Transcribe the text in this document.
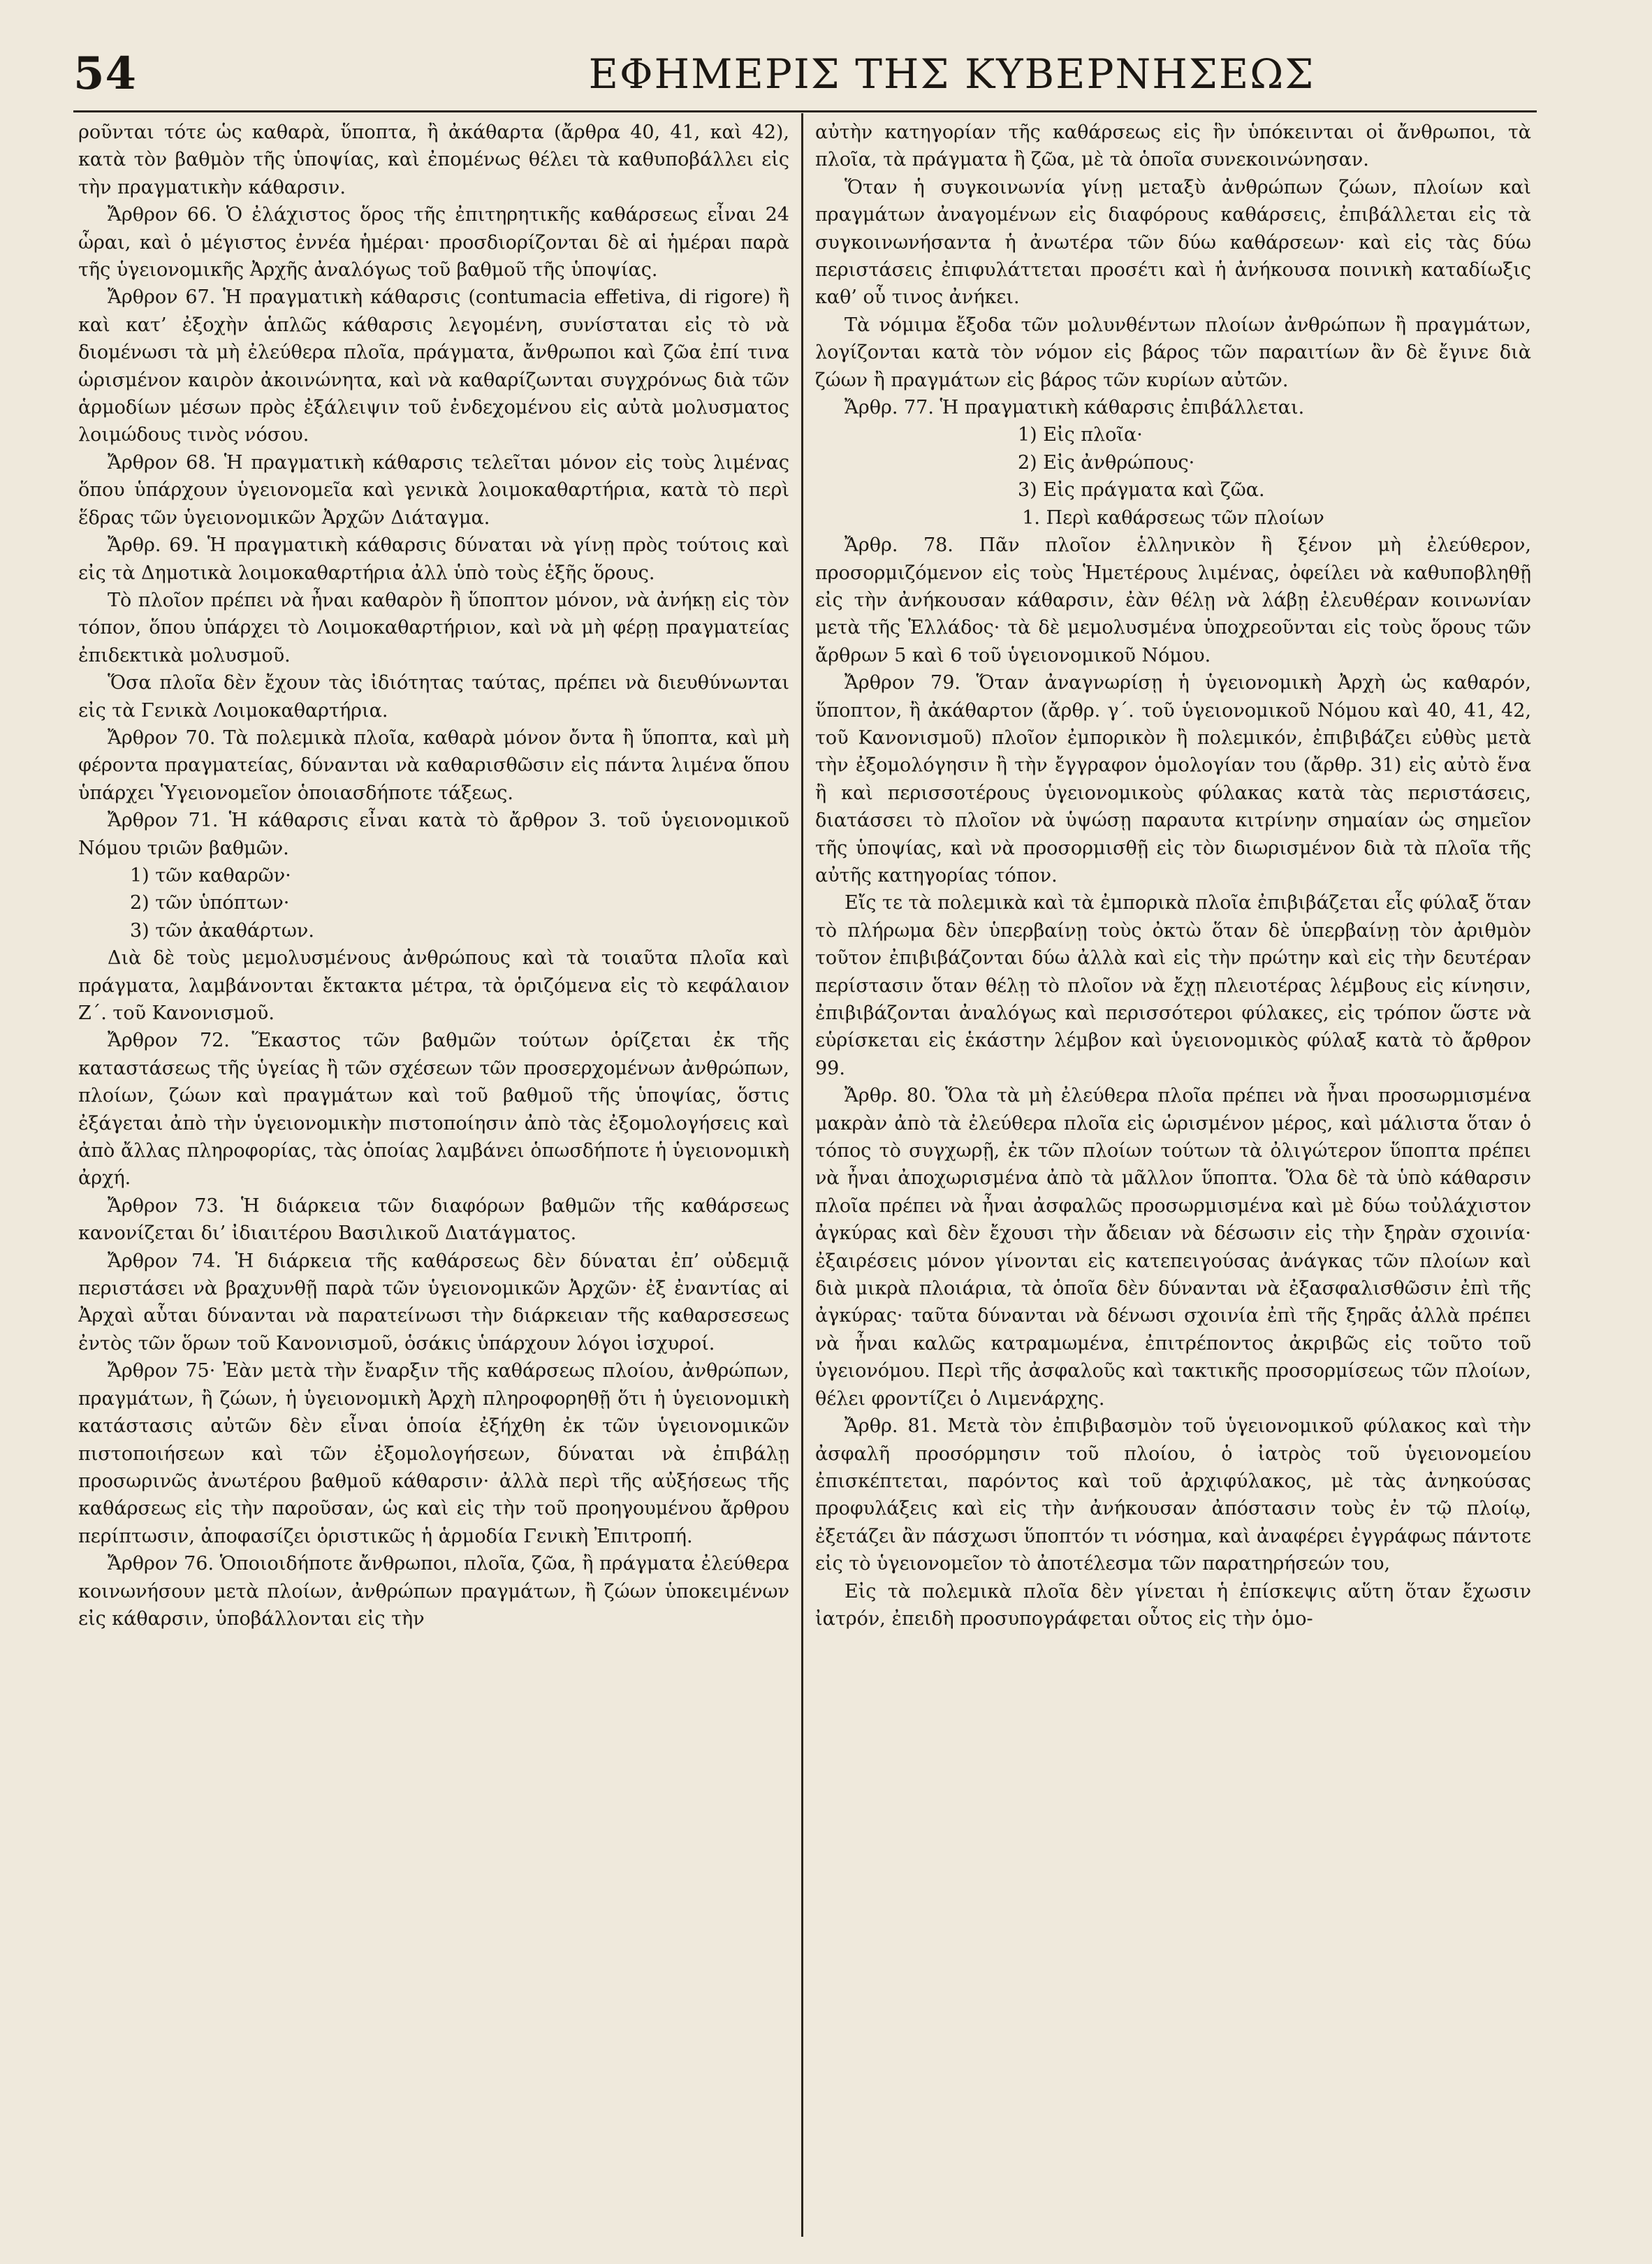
54	ΕΦΗΜΕΡΙΣ ΤΗΣ ΚΥΒΕΡΝΗΣΕΩΣ

ροῦνται τότε ὡς καθαρὰ, ὕποπτα, ἢ ἀκάθαρτα (ἄρθρα 40, 41, καὶ 42), κατὰ τὸν βαθμὸν τῆς ὑποψίας, καὶ ἐπομένως θέλει τὰ καθυποβάλλει εἰς τὴν πραγματικὴν κάθαρσιν.

Ἄρθρον 66. Ὁ ἐλάχιστος ὅρος τῆς ἐπιτηρητικῆς καθάρσεως εἶναι 24 ὧραι, καὶ ὁ μέγιστος ἐννέα ἡμέραι· προσδιορίζονται δὲ αἱ ἡμέραι παρὰ τῆς ὑγειονομικῆς Ἀρχῆς ἀναλόγως τοῦ βαθμοῦ τῆς ὑποψίας.

Ἄρθρον 67. Ἡ πραγματικὴ κάθαρσις (contumacia effetiva, di rigore) ἢ καὶ κατ’ ἐξοχὴν ἁπλῶς κάθαρσις λεγομένη, συνίσταται εἰς τὸ νὰ διομένωσι τὰ μὴ ἐλεύθερα πλοῖα, πράγματα, ἄνθρωποι καὶ ζῶα ἐπί τινα ὡρισμένον καιρὸν ἀκοινώνητα, καὶ νὰ καθαρίζωνται συγχρόνως διὰ τῶν ἁρμοδίων μέσων πρὸς ἐξάλειψιν τοῦ ἐνδεχομένου εἰς αὐτὰ μολυσματος λοιμώδους τινὸς νόσου.

Ἄρθρον 68. Ἡ πραγματικὴ κάθαρσις τελεῖται μόνον εἰς τοὺς λιμένας ὅπου ὑπάρχουν ὑγειονομεῖα καὶ γενικὰ λοιμοκαθαρτήρια, κατὰ τὸ περὶ ἕδρας τῶν ὑγειονομικῶν Ἀρχῶν Διάταγμα.

Ἄρθρ. 69. Ἡ πραγματικὴ κάθαρσις δύναται νὰ γίνῃ πρὸς τούτοις καὶ εἰς τὰ Δημοτικὰ λοιμοκαθαρτήρια ἀλλ ὑπὸ τοὺς ἑξῆς ὅρους.

Τὸ πλοῖον πρέπει νὰ ἦναι καθαρὸν ἢ ὕποπτον μόνον, νὰ ἀνήκῃ εἰς τὸν τόπον, ὅπου ὑπάρχει τὸ Λοιμοκαθαρτήριον, καὶ νὰ μὴ φέρῃ πραγματείας ἐπιδεκτικὰ μολυσμοῦ.

Ὅσα πλοῖα δὲν ἔχουν τὰς ἰδιότητας ταύτας, πρέπει νὰ διευθύνωνται εἰς τὰ Γενικὰ Λοιμοκαθαρτήρια.

Ἄρθρον 70. Τὰ πολεμικὰ πλοῖα, καθαρὰ μόνον ὄντα ἢ ὕποπτα, καὶ μὴ φέροντα πραγματείας, δύνανται νὰ καθαρισθῶσιν εἰς πάντα λιμένα ὅπου ὑπάρχει Ὑγειονομεῖον ὁποιασδήποτε τάξεως.

Ἄρθρον 71. Ἡ κάθαρσις εἶναι κατὰ τὸ ἄρθρον 3. τοῦ ὑγειονομικοῦ Νόμου τριῶν βαθμῶν.

1) τῶν καθαρῶν·

2) τῶν ὑπόπτων·

3) τῶν ἀκαθάρτων.

Διὰ δὲ τοὺς μεμολυσμένους ἀνθρώπους καὶ τὰ τοιαῦτα πλοῖα καὶ πράγματα, λαμβάνονται ἔκτακτα μέτρα, τὰ ὁριζόμενα εἰς τὸ κεφάλαιον Ζ΄. τοῦ Κανονισμοῦ.

Ἄρθρον 72. Ἕκαστος τῶν βαθμῶν τούτων ὁρίζεται ἐκ τῆς καταστάσεως τῆς ὑγείας ἢ τῶν σχέσεων τῶν προσερχομένων ἀνθρώπων, πλοίων, ζώων καὶ πραγμάτων καὶ τοῦ βαθμοῦ τῆς ὑποψίας, ὅστις ἐξάγεται ἀπὸ τὴν ὑγειονομικὴν πιστοποίησιν ἀπὸ τὰς ἐξομολογήσεις καὶ ἀπὸ ἄλλας πληροφορίας, τὰς ὁποίας λαμβάνει ὁπωσδήποτε ἡ ὑγειονομικὴ ἀρχή.

Ἄρθρον 73. Ἡ διάρκεια τῶν διαφόρων βαθμῶν τῆς καθάρσεως κανονίζεται δι’ ἰδιαιτέρου Βασιλικοῦ Διατάγματος.

Ἄρθρον 74. Ἡ διάρκεια τῆς καθάρσεως δὲν δύναται ἐπ’ οὐδεμιᾷ περιστάσει νὰ βραχυνθῇ παρὰ τῶν ὑγειονομικῶν Ἀρχῶν· ἐξ ἐναντίας αἱ Ἀρχαὶ αὗται δύνανται νὰ παρατείνωσι τὴν διάρκειαν τῆς καθαρσεσεως ἐντὸς τῶν ὅρων τοῦ Κανονισμοῦ, ὁσάκις ὑπάρχουν λόγοι ἰσχυροί.

Ἄρθρον 75· Ἐὰν μετὰ τὴν ἔναρξιν τῆς καθάρσεως πλοίου, ἀνθρώπων, πραγμάτων, ἢ ζώων, ἡ ὑγειονομικὴ Ἀρχὴ πληροφορηθῇ ὅτι ἡ ὑγειονομικὴ κατάστασις αὐτῶν δὲν εἶναι ὁποία ἐξήχθη ἐκ τῶν ὑγειονομικῶν πιστοποιήσεων καὶ τῶν ἐξομολογήσεων, δύναται νὰ ἐπιβάλῃ προσωρινῶς ἀνωτέρου βαθμοῦ κάθαρσιν· ἀλλὰ περὶ τῆς αὐξήσεως τῆς καθάρσεως εἰς τὴν παροῦσαν, ὡς καὶ εἰς τὴν τοῦ προηγουμένου ἄρθρου περίπτωσιν, ἀποφασίζει ὁριστικῶς ἡ ἁρμοδία Γενικὴ Ἐπιτροπή.

Ἄρθρον 76. Ὁποιοιδήποτε ἄνθρωποι, πλοῖα, ζῶα, ἢ πράγματα ἐλεύθερα κοινωνήσουν μετὰ πλοίων, ἀνθρώπων πραγμάτων, ἢ ζώων ὑποκειμένων εἰς κάθαρσιν, ὑποβάλλονται εἰς τὴν

αὐτὴν κατηγορίαν τῆς καθάρσεως εἰς ἣν ὑπόκεινται οἱ ἄνθρωποι, τὰ πλοῖα, τὰ πράγματα ἢ ζῶα, μὲ τὰ ὁποῖα συνεκοινώνησαν.

Ὅταν ἡ συγκοινωνία γίνῃ μεταξὺ ἀνθρώπων ζώων, πλοίων καὶ πραγμάτων ἀναγομένων εἰς διαφόρους καθάρσεις, ἐπιβάλλεται εἰς τὰ συγκοινωνήσαντα ἡ ἀνωτέρα τῶν δύω καθάρσεων· καὶ εἰς τὰς δύω περιστάσεις ἐπιφυλάττεται προσέτι καὶ ἡ ἀνήκουσα ποινικὴ καταδίωξις καθ’ οὗ τινος ἀνήκει.

Τὰ νόμιμα ἔξοδα τῶν μολυνθέντων πλοίων ἀνθρώπων ἢ πραγμάτων, λογίζονται κατὰ τὸν νόμον εἰς βάρος τῶν παραιτίων ἂν δὲ ἔγινε διὰ ζώων ἢ πραγμάτων εἰς βάρος τῶν κυρίων αὐτῶν.

Ἄρθρ. 77. Ἡ πραγματικὴ κάθαρσις ἐπιβάλλεται.

1) Εἰς πλοῖα·

2) Εἰς ἀνθρώπους·

3) Εἰς πράγματα καὶ ζῶα.

1. Περὶ καθάρσεως τῶν πλοίων

Ἄρθρ. 78. Πᾶν πλοῖον ἑλληνικὸν ἢ ξένον μὴ ἐλεύθερον, προσορμιζόμενον εἰς τοὺς Ἡμετέρους λιμένας, ὀφείλει νὰ καθυποβληθῇ εἰς τὴν ἀνήκουσαν κάθαρσιν, ἐὰν θέλῃ νὰ λάβῃ ἐλευθέραν κοινωνίαν μετὰ τῆς Ἑλλάδος· τὰ δὲ μεμολυσμένα ὑποχρεοῦνται εἰς τοὺς ὅρους τῶν ἄρθρων 5 καὶ 6 τοῦ ὑγειονομικοῦ Νόμου.

Ἄρθρον 79. Ὅταν ἀναγνωρίσῃ ἡ ὑγειονομικὴ Ἀρχὴ ὡς καθαρόν, ὕποπτον, ἢ ἀκάθαρτον (ἄρθρ. γ΄. τοῦ ὑγειονομικοῦ Νόμου καὶ 40, 41, 42, τοῦ Κανονισμοῦ) πλοῖον ἐμπορικὸν ἢ πολεμικόν, ἐπιβιβάζει εὐθὺς μετὰ τὴν ἐξομολόγησιν ἢ τὴν ἔγγραφον ὁμολογίαν του (ἄρθρ. 31) εἰς αὐτὸ ἕνα ἢ καὶ περισσοτέρους ὑγειονομικοὺς φύλακας κατὰ τὰς περιστάσεις, διατάσσει τὸ πλοῖον νὰ ὑψώσῃ παραυτα κιτρίνην σημαίαν ὡς σημεῖον τῆς ὑποψίας, καὶ νὰ προσορμισθῇ εἰς τὸν διωρισμένον διὰ τὰ πλοῖα τῆς αὐτῆς κατηγορίας τόπον.

Εἴς τε τὰ πολεμικὰ καὶ τὰ ἐμπορικὰ πλοῖα ἐπιβιβάζεται εἷς φύλαξ ὅταν τὸ πλήρωμα δὲν ὑπερβαίνῃ τοὺς ὀκτὼ ὅταν δὲ ὑπερβαίνῃ τὸν ἀριθμὸν τοῦτον ἐπιβιβάζονται δύω ἀλλὰ καὶ εἰς τὴν πρώτην καὶ εἰς τὴν δευτέραν περίστασιν ὅταν θέλῃ τὸ πλοῖον νὰ ἔχῃ πλειοτέρας λέμβους εἰς κίνησιν, ἐπιβιβάζονται ἀναλόγως καὶ περισσότεροι φύλακες, εἰς τρόπον ὥστε νὰ εὑρίσκεται εἰς ἑκάστην λέμβον καὶ ὑγειονομικὸς φύλαξ κατὰ τὸ ἄρθρον 99.

Ἄρθρ. 80. Ὅλα τὰ μὴ ἐλεύθερα πλοῖα πρέπει νὰ ἦναι προσωρμισμένα μακρὰν ἀπὸ τὰ ἐλεύθερα πλοῖα εἰς ὡρισμένον μέρος, καὶ μάλιστα ὅταν ὁ τόπος τὸ συγχωρῇ, ἐκ τῶν πλοίων τούτων τὰ ὀλιγώτερον ὕποπτα πρέπει νὰ ἦναι ἀποχωρισμένα ἀπὸ τὰ μᾶλλον ὕποπτα. Ὅλα δὲ τὰ ὑπὸ κάθαρσιν πλοῖα πρέπει νὰ ἦναι ἀσφαλῶς προσωρμισμένα καὶ μὲ δύω τοὐλάχιστον ἀγκύρας καὶ δὲν ἔχουσι τὴν ἄδειαν νὰ δέσωσιν εἰς τὴν ξηρὰν σχοινία· ἐξαιρέσεις μόνον γίνονται εἰς κατεπειγούσας ἀνάγκας τῶν πλοίων καὶ διὰ μικρὰ πλοιάρια, τὰ ὁποῖα δὲν δύνανται νὰ ἐξασφαλισθῶσιν ἐπὶ τῆς ἀγκύρας· ταῦτα δύνανται νὰ δένωσι σχοινία ἐπὶ τῆς ξηρᾶς ἀλλὰ πρέπει νὰ ἦναι καλῶς κατραμωμένα, ἐπιτρέποντος ἀκριβῶς εἰς τοῦτο τοῦ ὑγειονόμου. Περὶ τῆς ἀσφαλοῦς καὶ τακτικῆς προσορμίσεως τῶν πλοίων, θέλει φροντίζει ὁ Λιμενάρχης.

Ἄρθρ. 81. Μετὰ τὸν ἐπιβιβασμὸν τοῦ ὑγειονομικοῦ φύλακος καὶ τὴν ἀσφαλῆ προσόρμησιν τοῦ πλοίου, ὁ ἰατρὸς τοῦ ὑγειονομείου ἐπισκέπτεται, παρόντος καὶ τοῦ ἀρχιφύλακος, μὲ τὰς ἀνηκούσας προφυλάξεις καὶ εἰς τὴν ἀνήκουσαν ἀπόστασιν τοὺς ἐν τῷ πλοίῳ, ἐξετάζει ἂν πάσχωσι ὕποπτόν τι νόσημα, καὶ ἀναφέρει ἐγγράφως πάντοτε εἰς τὸ ὑγειονομεῖον τὸ ἀποτέλεσμα τῶν παρατηρήσεών του,

Εἰς τὰ πολεμικὰ πλοῖα δὲν γίνεται ἡ ἐπίσκεψις αὕτη ὅταν ἔχωσιν ἰατρόν, ἐπειδὴ προσυπογράφεται οὗτος εἰς τὴν ὁμο-
